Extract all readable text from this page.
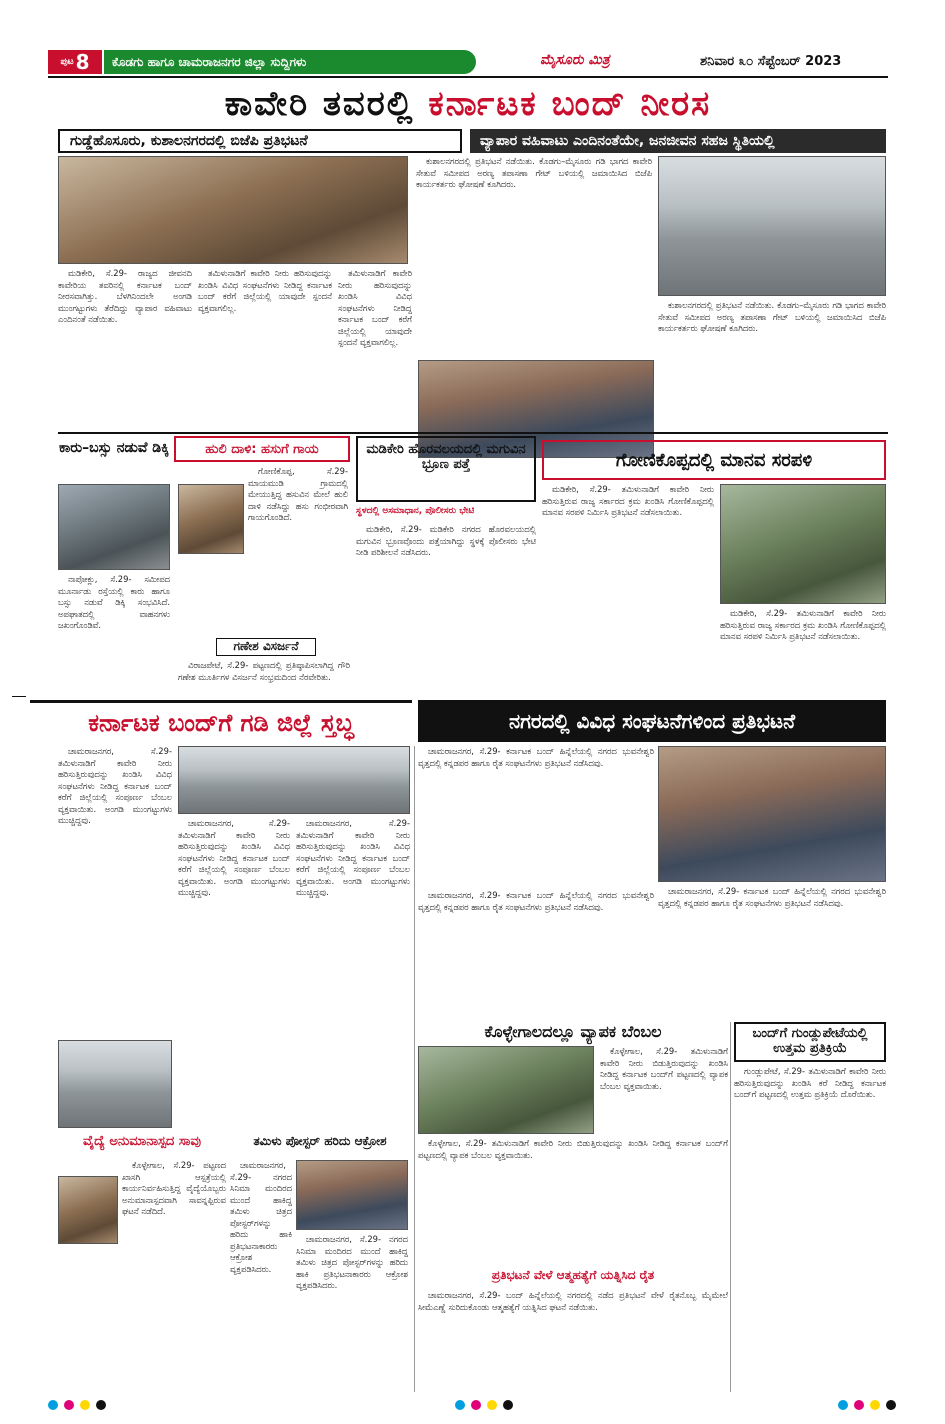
ಪುಟ 8	ಕೊಡಗು ಹಾಗೂ ಚಾಮರಾಜನಗರ ಜಿಲ್ಲಾ ಸುದ್ದಿಗಳು	ಮೈಸೂರು ಮಿತ್ರ	ಶನಿವಾರ ೩೦ ಸೆಪ್ಟೆಂಬರ್ 2023
ಕಾವೇರಿ ತವರಲ್ಲಿ ಕರ್ನಾಟಕ ಬಂದ್ ನೀರಸ
ಗುಡ್ಡೆಹೊಸೂರು, ಕುಶಾಲನಗರದಲ್ಲಿ ಬಿಜೆಪಿ ಪ್ರತಿಭಟನೆ	ವ್ಯಾಪಾರ ವಹಿವಾಟು ಎಂದಿನಂತೆಯೇ, ಜನಜೀವನ ಸಹಜ ಸ್ಥಿತಿಯಲ್ಲಿ

ಮಡಿಕೇರಿ, ಸೆ.29- ರಾಜ್ಯದ ಜೀವನದಿ ಕಾವೇರಿಯ ತವರಿನಲ್ಲಿ ಕರ್ನಾಟಕ ಬಂದ್ ನೀರಸವಾಗಿತ್ತು. ಬೆಳಗಿನಿಂದಲೇ ಅಂಗಡಿ ಮುಂಗಟ್ಟುಗಳು ತೆರೆದಿದ್ದು ವ್ಯಾಪಾರ ವಹಿವಾಟು ಎಂದಿನಂತೆ ನಡೆಯಿತು.

ತಮಿಳುನಾಡಿಗೆ ಕಾವೇರಿ ನೀರು ಹರಿಸುವುದನ್ನು ಖಂಡಿಸಿ ವಿವಿಧ ಸಂಘಟನೆಗಳು ನೀಡಿದ್ದ ಕರ್ನಾಟಕ ಬಂದ್ ಕರೆಗೆ ಜಿಲ್ಲೆಯಲ್ಲಿ ಯಾವುದೇ ಸ್ಪಂದನೆ ವ್ಯಕ್ತವಾಗಲಿಲ್ಲ.

ತಮಿಳುನಾಡಿಗೆ ಕಾವೇರಿ ನೀರು ಹರಿಸುವುದನ್ನು ಖಂಡಿಸಿ ವಿವಿಧ ಸಂಘಟನೆಗಳು ನೀಡಿದ್ದ ಕರ್ನಾಟಕ ಬಂದ್ ಕರೆಗೆ ಜಿಲ್ಲೆಯಲ್ಲಿ ಯಾವುದೇ ಸ್ಪಂದನೆ ವ್ಯಕ್ತವಾಗಲಿಲ್ಲ.

ಕುಶಾಲನಗರದಲ್ಲಿ ಪ್ರತಿಭಟನೆ ನಡೆಯಿತು. ಕೊಡಗು–ಮೈಸೂರು ಗಡಿ ಭಾಗದ ಕಾವೇರಿ ಸೇತುವೆ ಸಮೀಪದ ಅರಣ್ಯ ತಪಾಸಣಾ ಗೇಟ್ ಬಳಿಯಲ್ಲಿ ಜಮಾಯಿಸಿದ ಬಿಜೆಪಿ ಕಾರ್ಯಕರ್ತರು ಘೋಷಣೆ ಕೂಗಿದರು.

ಕುಶಾಲನಗರದಲ್ಲಿ ಪ್ರತಿಭಟನೆ ನಡೆಯಿತು. ಕೊಡಗು–ಮೈಸೂರು ಗಡಿ ಭಾಗದ ಕಾವೇರಿ ಸೇತುವೆ ಸಮೀಪದ ಅರಣ್ಯ ತಪಾಸಣಾ ಗೇಟ್ ಬಳಿಯಲ್ಲಿ ಜಮಾಯಿಸಿದ ಬಿಜೆಪಿ ಕಾರ್ಯಕರ್ತರು ಘೋಷಣೆ ಕೂಗಿದರು.

ಕಾರು–ಬಸ್ಸು ನಡುವೆ ಡಿಕ್ಕಿ

ನಾಪೋಕ್ಲು, ಸೆ.29- ಸಮೀಪದ ಮೂರ್ನಾಡು ರಸ್ತೆಯಲ್ಲಿ ಕಾರು ಹಾಗೂ ಬಸ್ಸು ನಡುವೆ ಡಿಕ್ಕಿ ಸಂಭವಿಸಿದೆ. ಅಪಘಾತದಲ್ಲಿ ವಾಹನಗಳು ಜಖಂಗೊಂಡಿವೆ.

ಹುಲಿ ದಾಳಿ: ಹಸುಗೆ ಗಾಯ

ಗೋಣಿಕೊಪ್ಪ, ಸೆ.29- ಮಾಯಮುಡಿ ಗ್ರಾಮದಲ್ಲಿ ಮೇಯುತ್ತಿದ್ದ ಹಸುವಿನ ಮೇಲೆ ಹುಲಿ ದಾಳಿ ನಡೆಸಿದ್ದು ಹಸು ಗಂಭೀರವಾಗಿ ಗಾಯಗೊಂಡಿದೆ.

ಗಣೇಶ ವಿಸರ್ಜನೆ

ವಿರಾಜಪೇಟೆ, ಸೆ.29- ಪಟ್ಟಣದಲ್ಲಿ ಪ್ರತಿಷ್ಠಾಪಿಸಲಾಗಿದ್ದ ಗೌರಿ ಗಣೇಶ ಮೂರ್ತಿಗಳ ವಿಸರ್ಜನೆ ಸಂಭ್ರಮದಿಂದ ನೆರವೇರಿತು.

ಮಡಿಕೇರಿ ಹೊರವಲಯದಲ್ಲಿ ಮಗುವಿನ ಭ್ರೂಣ ಪತ್ತೆ
ಸ್ಥಳದಲ್ಲಿ ಅಸಮಾಧಾನ, ಪೊಲೀಸರು ಭೇಟಿ

ಮಡಿಕೇರಿ, ಸೆ.29- ಮಡಿಕೇರಿ ನಗರದ ಹೊರವಲಯದಲ್ಲಿ ಮಗುವಿನ ಭ್ರೂಣವೊಂದು ಪತ್ತೆಯಾಗಿದ್ದು ಸ್ಥಳಕ್ಕೆ ಪೊಲೀಸರು ಭೇಟಿ ನೀಡಿ ಪರಿಶೀಲನೆ ನಡೆಸಿದರು.

ಗೋಣಿಕೊಪ್ಪದಲ್ಲಿ ಮಾನವ ಸರಪಳಿ

ಮಡಿಕೇರಿ, ಸೆ.29- ತಮಿಳುನಾಡಿಗೆ ಕಾವೇರಿ ನೀರು ಹರಿಸುತ್ತಿರುವ ರಾಜ್ಯ ಸರ್ಕಾರದ ಕ್ರಮ ಖಂಡಿಸಿ ಗೋಣಿಕೊಪ್ಪದಲ್ಲಿ ಮಾನವ ಸರಪಳಿ ನಿರ್ಮಿಸಿ ಪ್ರತಿಭಟನೆ ನಡೆಸಲಾಯಿತು.

ಮಡಿಕೇರಿ, ಸೆ.29- ತಮಿಳುನಾಡಿಗೆ ಕಾವೇರಿ ನೀರು ಹರಿಸುತ್ತಿರುವ ರಾಜ್ಯ ಸರ್ಕಾರದ ಕ್ರಮ ಖಂಡಿಸಿ ಗೋಣಿಕೊಪ್ಪದಲ್ಲಿ ಮಾನವ ಸರಪಳಿ ನಿರ್ಮಿಸಿ ಪ್ರತಿಭಟನೆ ನಡೆಸಲಾಯಿತು.

ಕರ್ನಾಟಕ ಬಂದ್‌ಗೆ ಗಡಿ ಜಿಲ್ಲೆ ಸ್ತಬ್ಧ	ನಗರದಲ್ಲಿ ವಿವಿಧ ಸಂಘಟನೆಗಳಿಂದ ಪ್ರತಿಭಟನೆ

ಚಾಮರಾಜನಗರ, ಸೆ.29- ತಮಿಳುನಾಡಿಗೆ ಕಾವೇರಿ ನೀರು ಹರಿಸುತ್ತಿರುವುದನ್ನು ಖಂಡಿಸಿ ವಿವಿಧ ಸಂಘಟನೆಗಳು ನೀಡಿದ್ದ ಕರ್ನಾಟಕ ಬಂದ್ ಕರೆಗೆ ಜಿಲ್ಲೆಯಲ್ಲಿ ಸಂಪೂರ್ಣ ಬೆಂಬಲ ವ್ಯಕ್ತವಾಯಿತು. ಅಂಗಡಿ ಮುಂಗಟ್ಟುಗಳು ಮುಚ್ಚಿದ್ದವು.	ಚಾಮರಾಜನಗರ, ಸೆ.29- ತಮಿಳುನಾಡಿಗೆ ಕಾವೇರಿ ನೀರು ಹರಿಸುತ್ತಿರುವುದನ್ನು ಖಂಡಿಸಿ ವಿವಿಧ ಸಂಘಟನೆಗಳು ನೀಡಿದ್ದ ಕರ್ನಾಟಕ ಬಂದ್ ಕರೆಗೆ ಜಿಲ್ಲೆಯಲ್ಲಿ ಸಂಪೂರ್ಣ ಬೆಂಬಲ ವ್ಯಕ್ತವಾಯಿತು. ಅಂಗಡಿ ಮುಂಗಟ್ಟುಗಳು ಮುಚ್ಚಿದ್ದವು.

ಚಾಮರಾಜನಗರ, ಸೆ.29- ತಮಿಳುನಾಡಿಗೆ ಕಾವೇರಿ ನೀರು ಹರಿಸುತ್ತಿರುವುದನ್ನು ಖಂಡಿಸಿ ವಿವಿಧ ಸಂಘಟನೆಗಳು ನೀಡಿದ್ದ ಕರ್ನಾಟಕ ಬಂದ್ ಕರೆಗೆ ಜಿಲ್ಲೆಯಲ್ಲಿ ಸಂಪೂರ್ಣ ಬೆಂಬಲ ವ್ಯಕ್ತವಾಯಿತು. ಅಂಗಡಿ ಮುಂಗಟ್ಟುಗಳು ಮುಚ್ಚಿದ್ದವು.

ಚಾಮರಾಜನಗರ, ಸೆ.29- ಕರ್ನಾಟಕ ಬಂದ್ ಹಿನ್ನೆಲೆಯಲ್ಲಿ ನಗರದ ಭುವನೇಶ್ವರಿ ವೃತ್ತದಲ್ಲಿ ಕನ್ನಡಪರ ಹಾಗೂ ರೈತ ಸಂಘಟನೆಗಳು ಪ್ರತಿಭಟನೆ ನಡೆಸಿದವು.

ಚಾಮರಾಜನಗರ, ಸೆ.29- ಕರ್ನಾಟಕ ಬಂದ್ ಹಿನ್ನೆಲೆಯಲ್ಲಿ ನಗರದ ಭುವನೇಶ್ವರಿ ವೃತ್ತದಲ್ಲಿ ಕನ್ನಡಪರ ಹಾಗೂ ರೈತ ಸಂಘಟನೆಗಳು ಪ್ರತಿಭಟನೆ ನಡೆಸಿದವು.

ಚಾಮರಾಜನಗರ, ಸೆ.29- ಕರ್ನಾಟಕ ಬಂದ್ ಹಿನ್ನೆಲೆಯಲ್ಲಿ ನಗರದ ಭುವನೇಶ್ವರಿ ವೃತ್ತದಲ್ಲಿ ಕನ್ನಡಪರ ಹಾಗೂ ರೈತ ಸಂಘಟನೆಗಳು ಪ್ರತಿಭಟನೆ ನಡೆಸಿದವು.

ಕೊಳ್ಳೇಗಾಲದಲ್ಲೂ ವ್ಯಾಪಕ ಬೆಂಬಲ

ಕೊಳ್ಳೇಗಾಲ, ಸೆ.29- ತಮಿಳುನಾಡಿಗೆ ಕಾವೇರಿ ನೀರು ಬಿಡುತ್ತಿರುವುದನ್ನು ಖಂಡಿಸಿ ನೀಡಿದ್ದ ಕರ್ನಾಟಕ ಬಂದ್‌ಗೆ ಪಟ್ಟಣದಲ್ಲಿ ವ್ಯಾಪಕ ಬೆಂಬಲ ವ್ಯಕ್ತವಾಯಿತು.

ಕೊಳ್ಳೇಗಾಲ, ಸೆ.29- ತಮಿಳುನಾಡಿಗೆ ಕಾವೇರಿ ನೀರು ಬಿಡುತ್ತಿರುವುದನ್ನು ಖಂಡಿಸಿ ನೀಡಿದ್ದ ಕರ್ನಾಟಕ ಬಂದ್‌ಗೆ ಪಟ್ಟಣದಲ್ಲಿ ವ್ಯಾಪಕ ಬೆಂಬಲ ವ್ಯಕ್ತವಾಯಿತು.

ಬಂದ್‌ಗೆ ಗುಂಡ್ಲುಪೇಟೆಯಲ್ಲಿ ಉತ್ತಮ ಪ್ರತಿಕ್ರಿಯೆ

ಗುಂಡ್ಲುಪೇಟೆ, ಸೆ.29- ತಮಿಳುನಾಡಿಗೆ ಕಾವೇರಿ ನೀರು ಹರಿಸುತ್ತಿರುವುದನ್ನು ಖಂಡಿಸಿ ಕರೆ ನೀಡಿದ್ದ ಕರ್ನಾಟಕ ಬಂದ್‌ಗೆ ಪಟ್ಟಣದಲ್ಲಿ ಉತ್ತಮ ಪ್ರತಿಕ್ರಿಯೆ ದೊರೆಯಿತು.

ವೈದ್ಯೆ ಅನುಮಾನಾಸ್ಪದ ಸಾವು

ಕೊಳ್ಳೇಗಾಲ, ಸೆ.29- ಪಟ್ಟಣದ ಖಾಸಗಿ ಆಸ್ಪತ್ರೆಯಲ್ಲಿ ಕಾರ್ಯನಿರ್ವಹಿಸುತ್ತಿದ್ದ ವೈದ್ಯೆಯೊಬ್ಬರು ಅನುಮಾನಾಸ್ಪದವಾಗಿ ಸಾವನ್ನಪ್ಪಿರುವ ಘಟನೆ ನಡೆದಿದೆ.

ತಮಿಳು ಪೋಸ್ಟರ್ ಹರಿದು ಆಕ್ರೋಶ

ಚಾಮರಾಜನಗರ, ಸೆ.29- ನಗರದ ಸಿನಿಮಾ ಮಂದಿರದ ಮುಂದೆ ಹಾಕಿದ್ದ ತಮಿಳು ಚಿತ್ರದ ಪೋಸ್ಟರ್‌ಗಳನ್ನು ಹರಿದು ಹಾಕಿ ಪ್ರತಿಭಟನಾಕಾರರು ಆಕ್ರೋಶ ವ್ಯಕ್ತಪಡಿಸಿದರು.

ಚಾಮರಾಜನಗರ, ಸೆ.29- ನಗರದ ಸಿನಿಮಾ ಮಂದಿರದ ಮುಂದೆ ಹಾಕಿದ್ದ ತಮಿಳು ಚಿತ್ರದ ಪೋಸ್ಟರ್‌ಗಳನ್ನು ಹರಿದು ಹಾಕಿ ಪ್ರತಿಭಟನಾಕಾರರು ಆಕ್ರೋಶ ವ್ಯಕ್ತಪಡಿಸಿದರು.

ಪ್ರತಿಭಟನೆ ವೇಳೆ ಆತ್ಮಹತ್ಯೆಗೆ ಯತ್ನಿಸಿದ ರೈತ

ಚಾಮರಾಜನಗರ, ಸೆ.29- ಬಂದ್ ಹಿನ್ನೆಲೆಯಲ್ಲಿ ನಗರದಲ್ಲಿ ನಡೆದ ಪ್ರತಿಭಟನೆ ವೇಳೆ ರೈತನೊಬ್ಬ ಮೈಮೇಲೆ ಸೀಮೆಎಣ್ಣೆ ಸುರಿದುಕೊಂಡು ಆತ್ಮಹತ್ಯೆಗೆ ಯತ್ನಿಸಿದ ಘಟನೆ ನಡೆಯಿತು.
